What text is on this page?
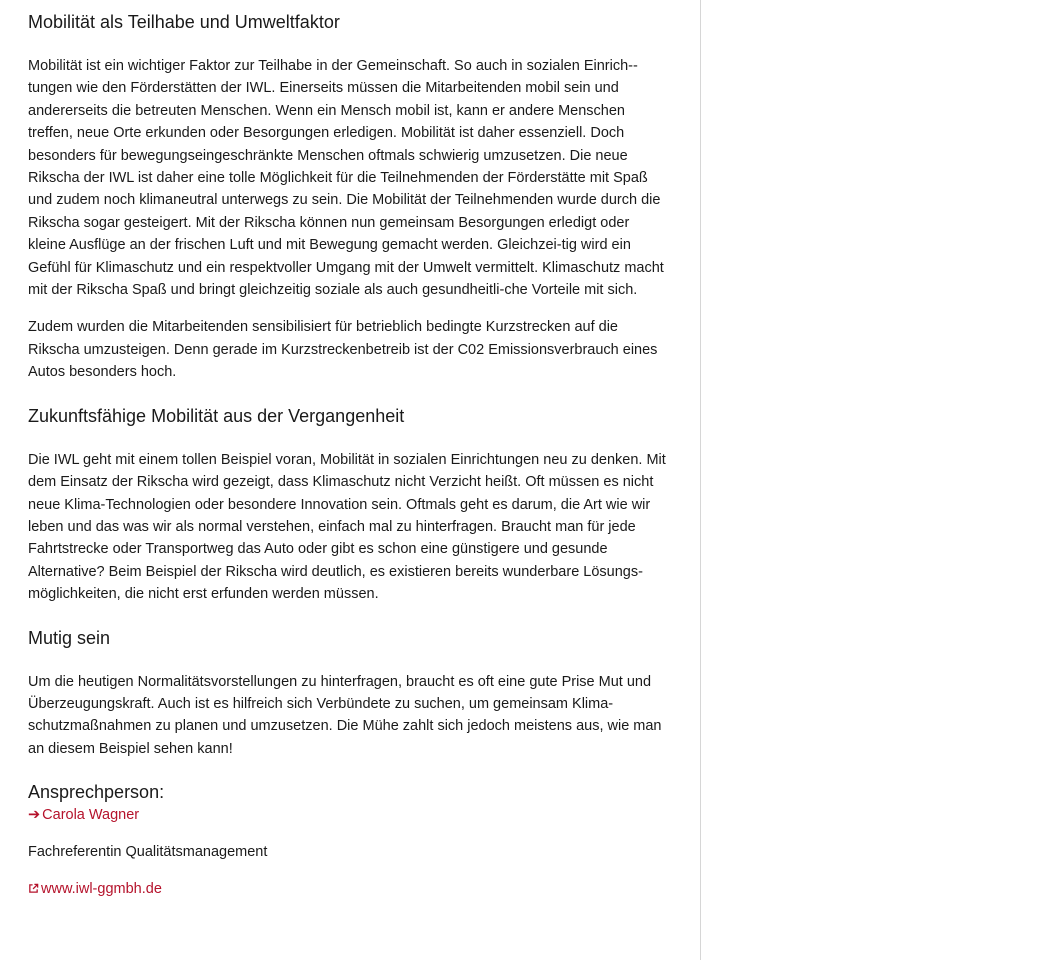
Mobilität als Teilhabe und Umweltfaktor

Mobilität ist ein wichtiger Faktor zur Teilhabe in der Gemeinschaft. So auch in sozialen Einrich-tungen wie den Förderstätten der IWL. Einerseits müssen die Mitarbeitenden mobil sein und andererseits die betreuten Menschen. Wenn ein Mensch mobil ist, kann er andere Menschen treffen, neue Orte erkunden oder Besorgungen erledigen. Mobilität ist daher essenziell. Doch besonders für bewegungseingeschränkte Menschen oftmals schwierig umzusetzen. Die neue Rikscha der IWL ist daher eine tolle Möglichkeit für die Teilnehmenden der Förderstätte mit Spaß und zudem noch klimaneutral unterwegs zu sein. Die Mobilität der Teilnehmenden wurde durch die Rikscha sogar gesteigert. Mit der Rikscha können nun gemeinsam Besorgungen erledigt oder kleine Ausflüge an der frischen Luft und mit Bewegung gemacht werden. Gleichzei-tig wird ein Gefühl für Klimaschutz und ein respektvoller Umgang mit der Umwelt vermittelt. Klimaschutz macht mit der Rikscha Spaß und bringt gleichzeitig soziale als auch gesundheitli-che Vorteile mit sich.

Zudem wurden die Mitarbeitenden sensibilisiert für betrieblich bedingte Kurzstrecken auf die Rikscha umzusteigen. Denn gerade im Kurzstreckenbetreib ist der C02 Emissionsverbrauch eines Autos besonders hoch.

Zukunftsfähige Mobilität aus der Vergangenheit

Die IWL geht mit einem tollen Beispiel voran, Mobilität in sozialen Einrichtungen neu zu denken. Mit dem Einsatz der Rikscha wird gezeigt, dass Klimaschutz nicht Verzicht heißt. Oft müssen es nicht neue Klima-Technologien oder besondere Innovation sein. Oftmals geht es darum, die Art wie wir leben und das was wir als normal verstehen, einfach mal zu hinterfragen. Braucht man für jede Fahrtstrecke oder Transportweg das Auto oder gibt es schon eine günstigere und gesunde Alternative? Beim Beispiel der Rikscha wird deutlich, es existieren bereits wunderbare Lösungs-möglichkeiten, die nicht erst erfunden werden müssen.

Mutig sein

Um die heutigen Normalitätsvorstellungen zu hinterfragen, braucht es oft eine gute Prise Mut und Überzeugungskraft. Auch ist es hilfreich sich Verbündete zu suchen, um gemeinsam Klima-schutzmaßnahmen zu planen und umzusetzen. Die Mühe zahlt sich jedoch meistens aus, wie man an diesem Beispiel sehen kann!

Ansprechperson:

➔ Carola Wagner

Fachreferentin Qualitätsmanagement

www.iwl-ggmbh.de
